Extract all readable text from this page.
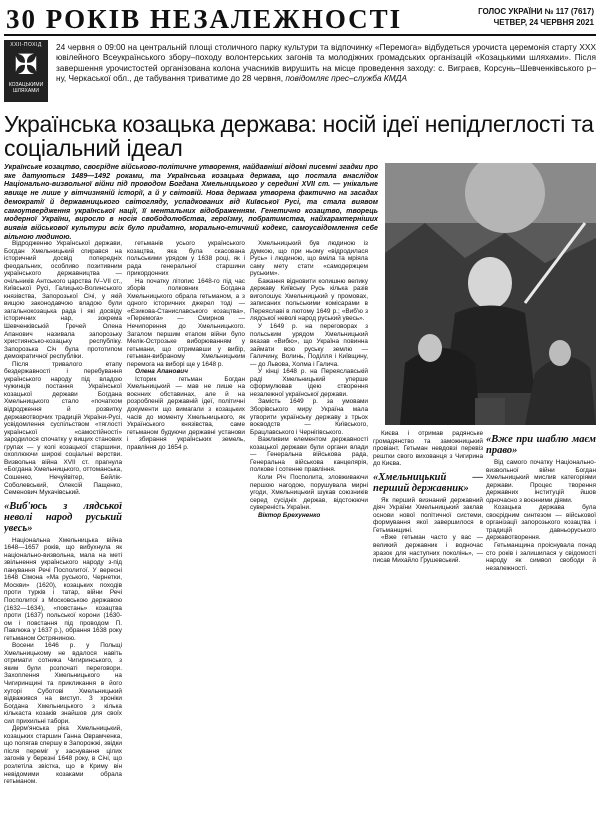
30 РОКІВ НЕЗАЛЕЖНОСТІ	ГОЛОС УКРАЇНИ № 117 (7617)
ЧЕТВЕР, 24 ЧЕРВНЯ 2021
ХХІІ-ПОХІД
✠
КОЗАЦЬКИМИ ШЛЯХАМИ
24 червня о 09:00 на центральній площі столичного парку культури та відпочинку «Перемога» відбудеться урочиста церемонія старту XXX ювілейного Всеукраїнського збору–походу волонтерських загонів та молодіжних громадських організацій «Козацькими шляхами». Після завершення урочистостей організована колона учасників вирушить на місце проведення заходу: с. Виграєв, Корсунь–Шевченківського р–ну, Черкаської обл., де табування триватиме до 28 червня, повідомляє прес–служба КМДА
Українська козацька держава: носій ідеї непідлеглості та соціальний ідеал
Українське козацтво, своєрідне військово-політичне утворення, найдавніші відомі писемні згадки про яке датуються 1489—1492 роками, та Українська козацька держава, що постала внаслідок Національно-визвольної війни під проводом Богдана Хмельницького у середині XVII ст. — унікальне явище не лише у вітчизняній історії, а й у світовій. Нова держава утворена фактично на засадах демократії й державницького світогляду, успадкованих від Київської Русі, та стала виявом самоутвердження української нації, її ментальних відображенням. Генетично козацтво, творець модерної України, виросло в носія свободолюбства, героїзму, побратимства, найхарактерніших виявів військової культури всіх було придатно, морально-етичний кодекс, самоусвідомлення себе вільною людиною.

Відродженню Української держави, Богдан Хмельницький спирався на історичний досвід попередніх феодальних, особливо позитивним українського державництва — очільників Антського царства IV–VII ст., Київської Русі, Галицько-Волинського князівства, Запорозької Січі, у якій вищою законодавчою владою були загальнокозацька рада і які досвіду історичних нар, зокрема Шевченківській Гречей Олена Апанович називала запорозьку християнсько-козацьку республіку. Запорозька Січ була прототипом демократичної республіки.

Після тривалого етапу бездержавності і перебування українського народу під владою чужинців постання Української козацької держави Богдана Хмельницького стало «початком відродження й розвитку державотворчих традицій України-Русі, усвідомлення суспільством «тяглості української «самостійності» зародилося спочатку у вищих станових групах — у колі козацької старшини, охоплюючи широкі соціальні верстви. Визвольна війна XVII ст. прагнула «Богдана Хмельницького, оттоманська, Сошенко, Нечуйвітер, Бейлік-Соболевський, Олексій Пащенко, Семенович Мукачівський.

«Виб'юсь з лядської неволі народ руський увесь»

Національна Хмельницька війна 1648—1657 років, що вибухнула як національно-визвольна, мала на меті звільнення українського народу з-під панування Речі Посполитої. У вересні 1648 Сімона «Ма руського, Чернетки, Москви» (1620), козацьких походів проти турків і татар, війни Речі Посполитої з Московською державою (1632—1634), «повстань» козацтва проти (1637) польської корони (1630-ом і повстання під проводом П. Павлюка у 1637 р.), обрання 1638 року гетьманом Остряниною.

Восени 1646 р. у Польщі Хмельницькому не вдалося навіть отримати сотника Чигиринського, з яким були розпочаті переговори. Захоплення Хмельницького на Чигиринщині та прикликання в його хуторі Суботові Хмельницький відважився на виступ. З хроніки Богдана Хмельницького з кілька кількаста козаків знайшов для своїх сил прихильні табори.

Дерм'янська ріка Хмельницький, козацьких старшин Ганна Оврамченка, що полягав спершу в Запорожжі, звідки після переміг у заснування цілих загонів у березні 1648 року, в Січі, що розлетіла звістка, що в Криму він невідомими козаками обрала гетьманом.

гетьманів усього українського козацтва, яка була скасована польськими урядом у 1638 році, як і рада генеральної старшини прикордонних

На початку літопис 1648-го під час зборів полковник Богдана Хмельницького обрала гетьманом, а з одного історичних джерел тоді — «Єзикова-Станиславського козацтва», «Перемога» — Смирнов — Нечипорення до Хмельницького. Загалом першим етапом війни було Мелік-Острозьке виборюванням у гетьмани, що отримавши у вибір, гетьман-вибраному Хмельницьким перемога на виборі ще у 1648 р.

Олена Апанович

Історик гетьман Богдан Хмельницький — мав не лише на воєнних обставинах, але й на розробленій державній ідеї, політичні документи що вимагали з козацьких часів до моменту Хмельницького, як Українського князівства, саме гетьманом будуючи державні установи і збирання українських земель, правління до 1654 р.

Хмельницький був людиною із думкою, що при ньому «відродилася Русь» і людиною, що вміла та мріяла саму мету стати «самодержцем руським».

Бажання відновити колишню велику державу Київську Русь кілька разів виголошує Хмельницький у промовах, записаних польськими комісарами в Переяславі в лютому 1649 р.; «Виб'ю з лядської неволі народ руський увесь».

У 1649 р. на переговорах з польським урядом Хмельницький вказав «Вибю», що Україна повинна займати всю руську землю — Галичину, Волинь, Поділля і Київщину, — до Львова, Холма і Галича.

У кінці 1648 р. на Переяславській раді Хмельницький уперше сформулював ідею створення незалежної української держави.

Замість 1649 р. за умовами Зборівського миру Україна мала утворити українську державу з трьох воєводств — Київського, Брацлавського і Чернігівського.

Важливим елементом державності козацької держави були органи влади — Генеральна військова рада, Генеральна військова канцелярія, полкове і сотенне правління.

Коли Річ Посполита, зловживаючи першою нагодою, порушувала мирні угоди, Хмельницький шукав союзників серед сусідніх держав, відстоюючи сувереність України.

Віктор Брехуненко

Києва і отримав радянське громадянство та заможницький провіант. Гетьман невдовзі перевіз рештки свого вихованця з Чигирина до Києва.

«Хмельницький — перший державник»

Як перший визнаний державний діяч України Хмельницький заклав основи нової політичної системи, формування якої завершилося в Гетьманщині.

«Вже гетьман часто у вас — великий державник і водночас зразок для наступних поколінь», — писав Михайло Грушевський.

«Вже при шаблю маєм право»

Від самого початку Національно-визвольної війни Богдан Хмельницький мислив категоріями держави. Процес творення державних інституцій йшов одночасно з воєнними діями.

Козацька держава була своєрідним синтезом — військової організації запорозького козацтва і традицій давньоруського державотворення.

Гетьманщина проіснувала понад сто років і залишилася у свідомості народу як символ свободи й незалежності.
